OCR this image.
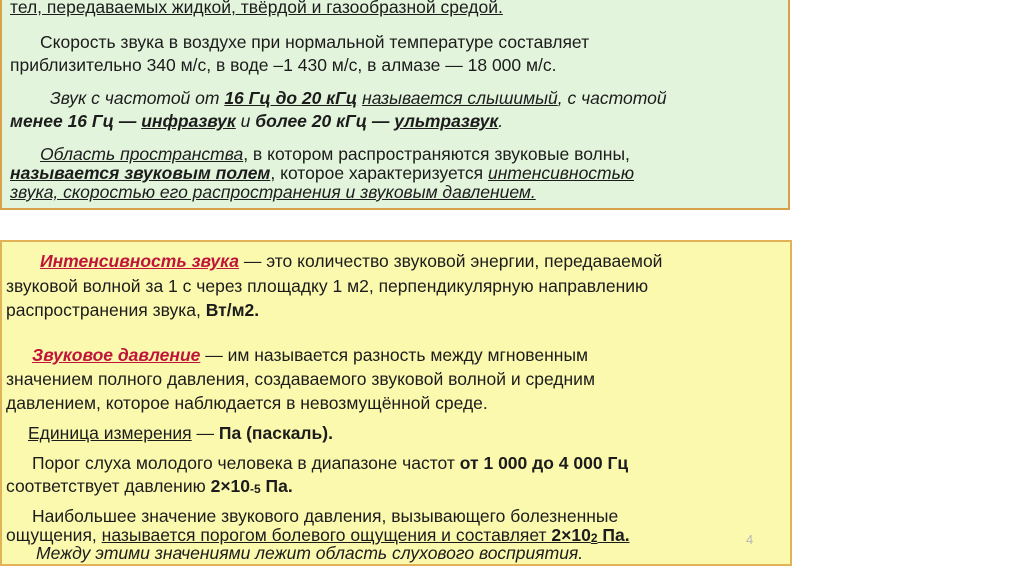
тел, передаваемых жидкой, твёрдой и газообразной средой.
Скорость звука в воздухе при нормальной температуре составляет
приблизительно 340 м/с, в воде –1 430 м/с, в алмазе — 18 000 м/с.
Звук с частотой от 16 Гц до 20 кГц называется слышимый, с частотой
менее 16 Гц — инфразвук и более 20 кГц — ультразвук.
Область пространства, в котором распространяются звуковые волны,
называется звуковым полем, которое характеризуется интенсивностью
звука, скоростью его распространения и звуковым давлением.
Интенсивность звука — это количество звуковой энергии, передаваемой
звуковой волной за 1 с через площадку 1 м2, перпендикулярную направлению
распространения звука, Вт/м2.
Звуковое давление — им называется разность между мгновенным
значением полного давления, создаваемого звуковой волной и средним
давлением, которое наблюдается в невозмущённой среде.
Единица измерения — Па (паскаль).
Порог слуха молодого человека в диапазоне частот от 1 000 до 4 000 Гц
соответствует давлению 2×10-5 Па.
Наибольшее значение звукового давления, вызывающего болезненные
ощущения, называется порогом болевого ощущения и составляет 2×102 Па.
Между этими значениями лежит область слухового восприятия.
4
